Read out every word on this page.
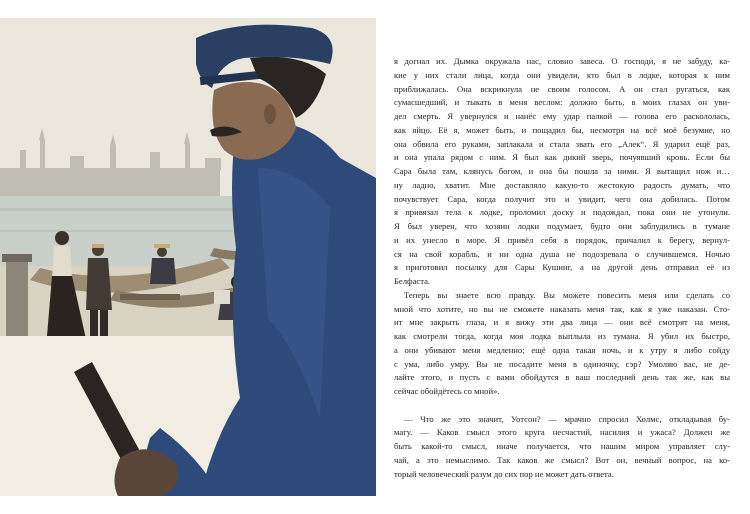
я догнал их. Дымка окружала нас, словно завеса. О господи, я не забуду, ка-
кие у них стали лица, когда они увидели, кто был в лодке, которая к ним
приближалась. Она вскрикнула не своим голосом. А он стал ругаться, как
сумасшедший, и тыкать в меня веслом: должно быть, в моих глазах он уви-
дел смерть. Я увернулся и нанёс ему удар палкой — голова его раскололась,
как яйцо. Её я, может быть, и пощадил бы, несмотря на всё моё безумие, но
она обвила его руками, заплакала и стала звать его „Алек“. Я ударил ещё раз,
и она упала рядом с ним. Я был как дикий зверь, почуявший кровь. Если бы
Сара была там, клянусь богом, и она бы пошла за ними. Я вытащил нож и…
ну ладно, хватит. Мне доставляло какую-то жестокую радость думать, что
почувствует Сара, когда получит это и увидит, чего она добилась. Потом
я привязал тела к лодке, проломил доску и подождал, пока они не утонули.
Я был уверен, что хозяин лодки подумает, будто они заблудились в тумане
и их унесло в море. Я привёл себя в порядок, причалил к берегу, вернул-
ся на свой корабль, и ни одна душа не подозревала о случившемся. Ночью
я приготовил посылку для Сары Кушинг, а на другой день отправил её из
Белфаста.
Теперь вы знаете всю правду. Вы можете повесить меня или сделать со
мной что хотите, но вы не сможете наказать меня так, как я уже наказан. Сто-
ит мне закрыть глаза, и я вижу эти два лица — они всё смотрят на меня,
как смотрели тогда, когда моя лодка выплыла из тумана. Я убил их быстро,
а они убивают меня медленно; ещё одна такая ночь, и к утру я либо сойду
с ума, либо умру. Вы не посадите меня в одиночку, сэр? Умоляю вас, не де-
лайте этого, и пусть с вами обойдутся в ваш последний день так же, как вы
сейчас обойдётесь со мной».
— Что же это значит, Уотсон? — мрачно спросил Холмс, откладывая бу-
магу. — Каков смысл этого круга несчастий, насилия и ужаса? Должен же
быть какой-то смысл, иначе получается, что нашим миром управляет слу-
чай, а это немыслимо. Так каков же смысл? Вот он, вечный вопрос, на ко-
торый человеческий разум до сих пор не может дать ответа.
